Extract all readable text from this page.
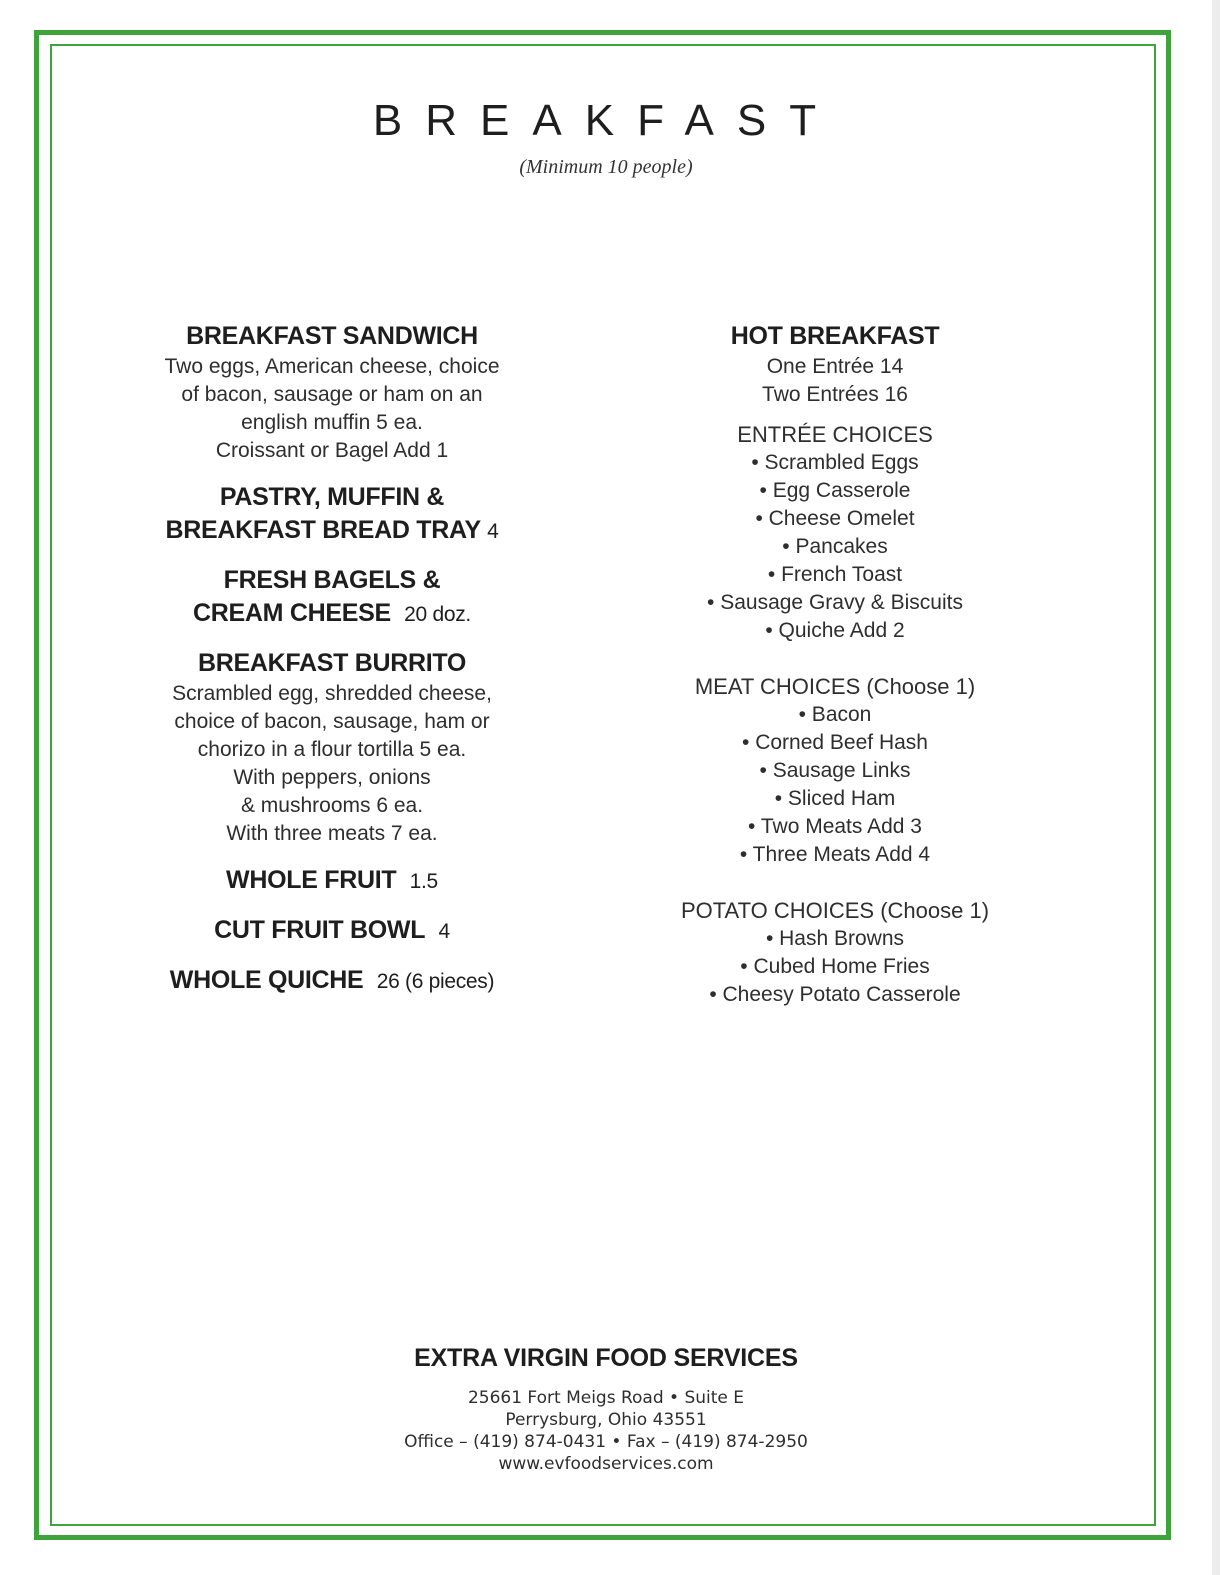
BREAKFAST
(Minimum 10 people)
BREAKFAST SANDWICH
Two eggs, American cheese, choice
of bacon, sausage or ham on an
english muffin 5 ea.
Croissant or Bagel Add 1
PASTRY, MUFFIN &
BREAKFAST BREAD TRAY 4
FRESH BAGELS &
CREAM CHEESE 20 doz.
BREAKFAST BURRITO
Scrambled egg, shredded cheese,
choice of bacon, sausage, ham or
chorizo in a flour tortilla 5 ea.
With peppers, onions
& mushrooms 6 ea.
With three meats 7 ea.
WHOLE FRUIT 1.5
CUT FRUIT BOWL 4
WHOLE QUICHE 26 (6 pieces)
HOT BREAKFAST
One Entrée 14
Two Entrées 16
ENTRÉE CHOICES
• Scrambled Eggs
• Egg Casserole
• Cheese Omelet
• Pancakes
• French Toast
• Sausage Gravy & Biscuits
• Quiche Add 2
MEAT CHOICES (Choose 1)
• Bacon
• Corned Beef Hash
• Sausage Links
• Sliced Ham
• Two Meats Add 3
• Three Meats Add 4
POTATO CHOICES (Choose 1)
• Hash Browns
• Cubed Home Fries
• Cheesy Potato Casserole
EXTRA VIRGIN FOOD SERVICES
25661 Fort Meigs Road • Suite E
Perrysburg, Ohio 43551
Office – (419) 874-0431 • Fax – (419) 874-2950
www.evfoodservices.com
